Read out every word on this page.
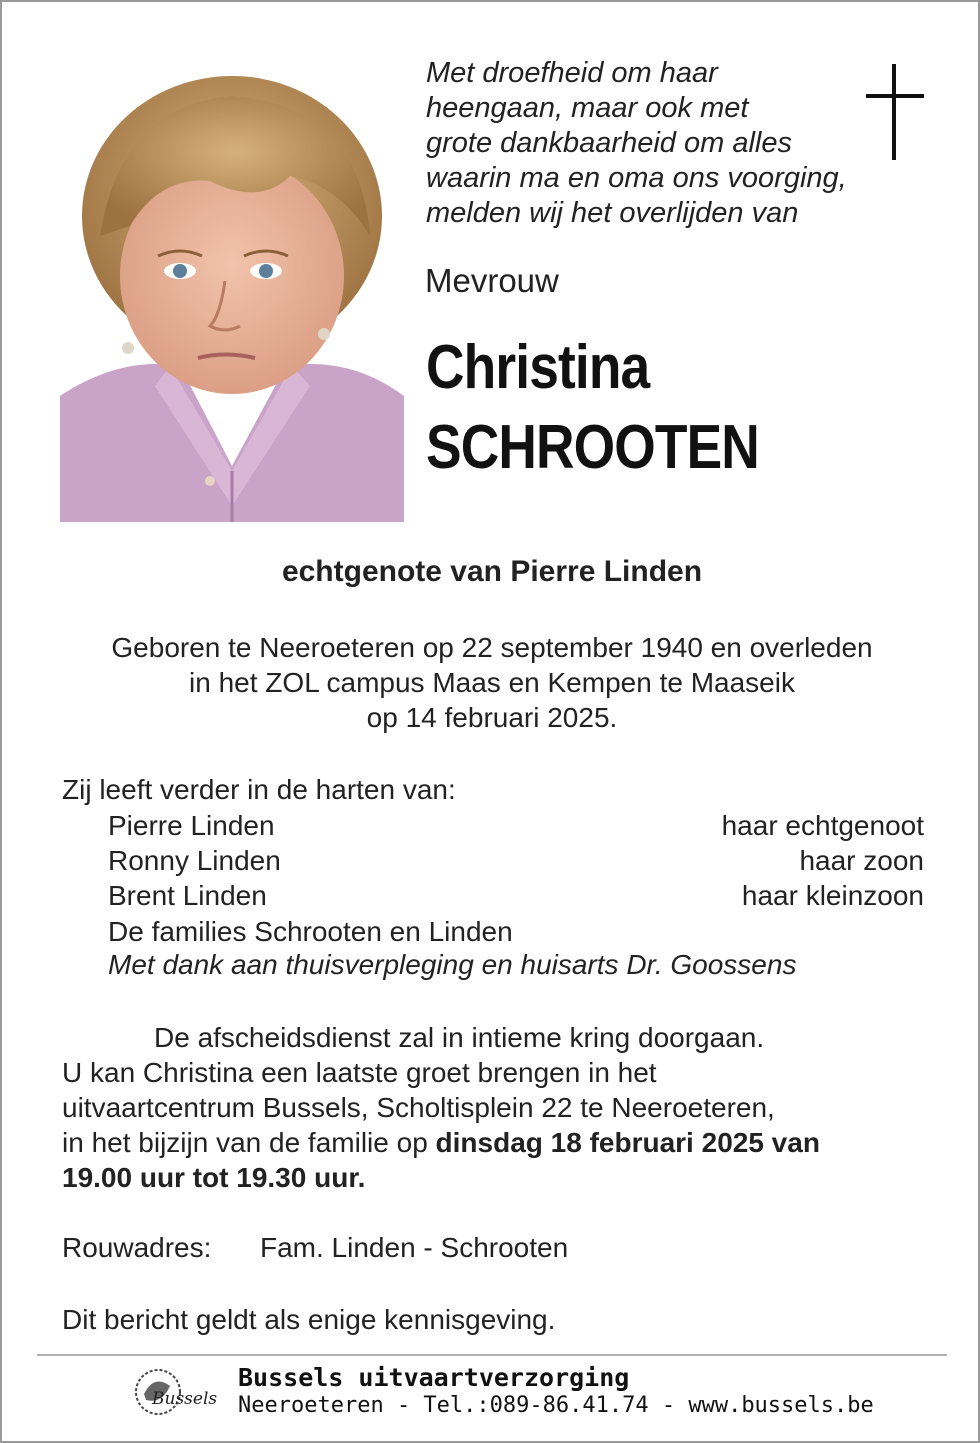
Met droefheid om haar
heengaan, maar ook met
grote dankbaarheid om alles
waarin ma en oma ons voorging,
melden wij het overlijden van
Mevrouw
Christina
SCHROOTEN
echtgenote van Pierre Linden
Geboren te Neeroeteren op 22 september 1940 en overleden
in het ZOL campus Maas en Kempen te Maaseik
op 14 februari 2025.
Zij leeft verder in de harten van:
Pierre Linden	haar echtgenoot
Ronny Linden	haar zoon
Brent Linden	haar kleinzoon
De families Schrooten en Linden
Met dank aan thuisverpleging en huisarts Dr. Goossens
De afscheidsdienst zal in intieme kring doorgaan.
U kan Christina een laatste groet brengen in het
uitvaartcentrum Bussels, Scholtisplein 22 te Neeroeteren,
in het bijzijn van de familie op dinsdag 18 februari 2025 van
19.00 uur tot 19.30 uur.
Rouwadres: Fam. Linden - Schrooten
Dit bericht geldt als enige kennisgeving.
Bussels
Bussels uitvaartverzorging
Neeroeteren - Tel.:089-86.41.74 - www.bussels.be
